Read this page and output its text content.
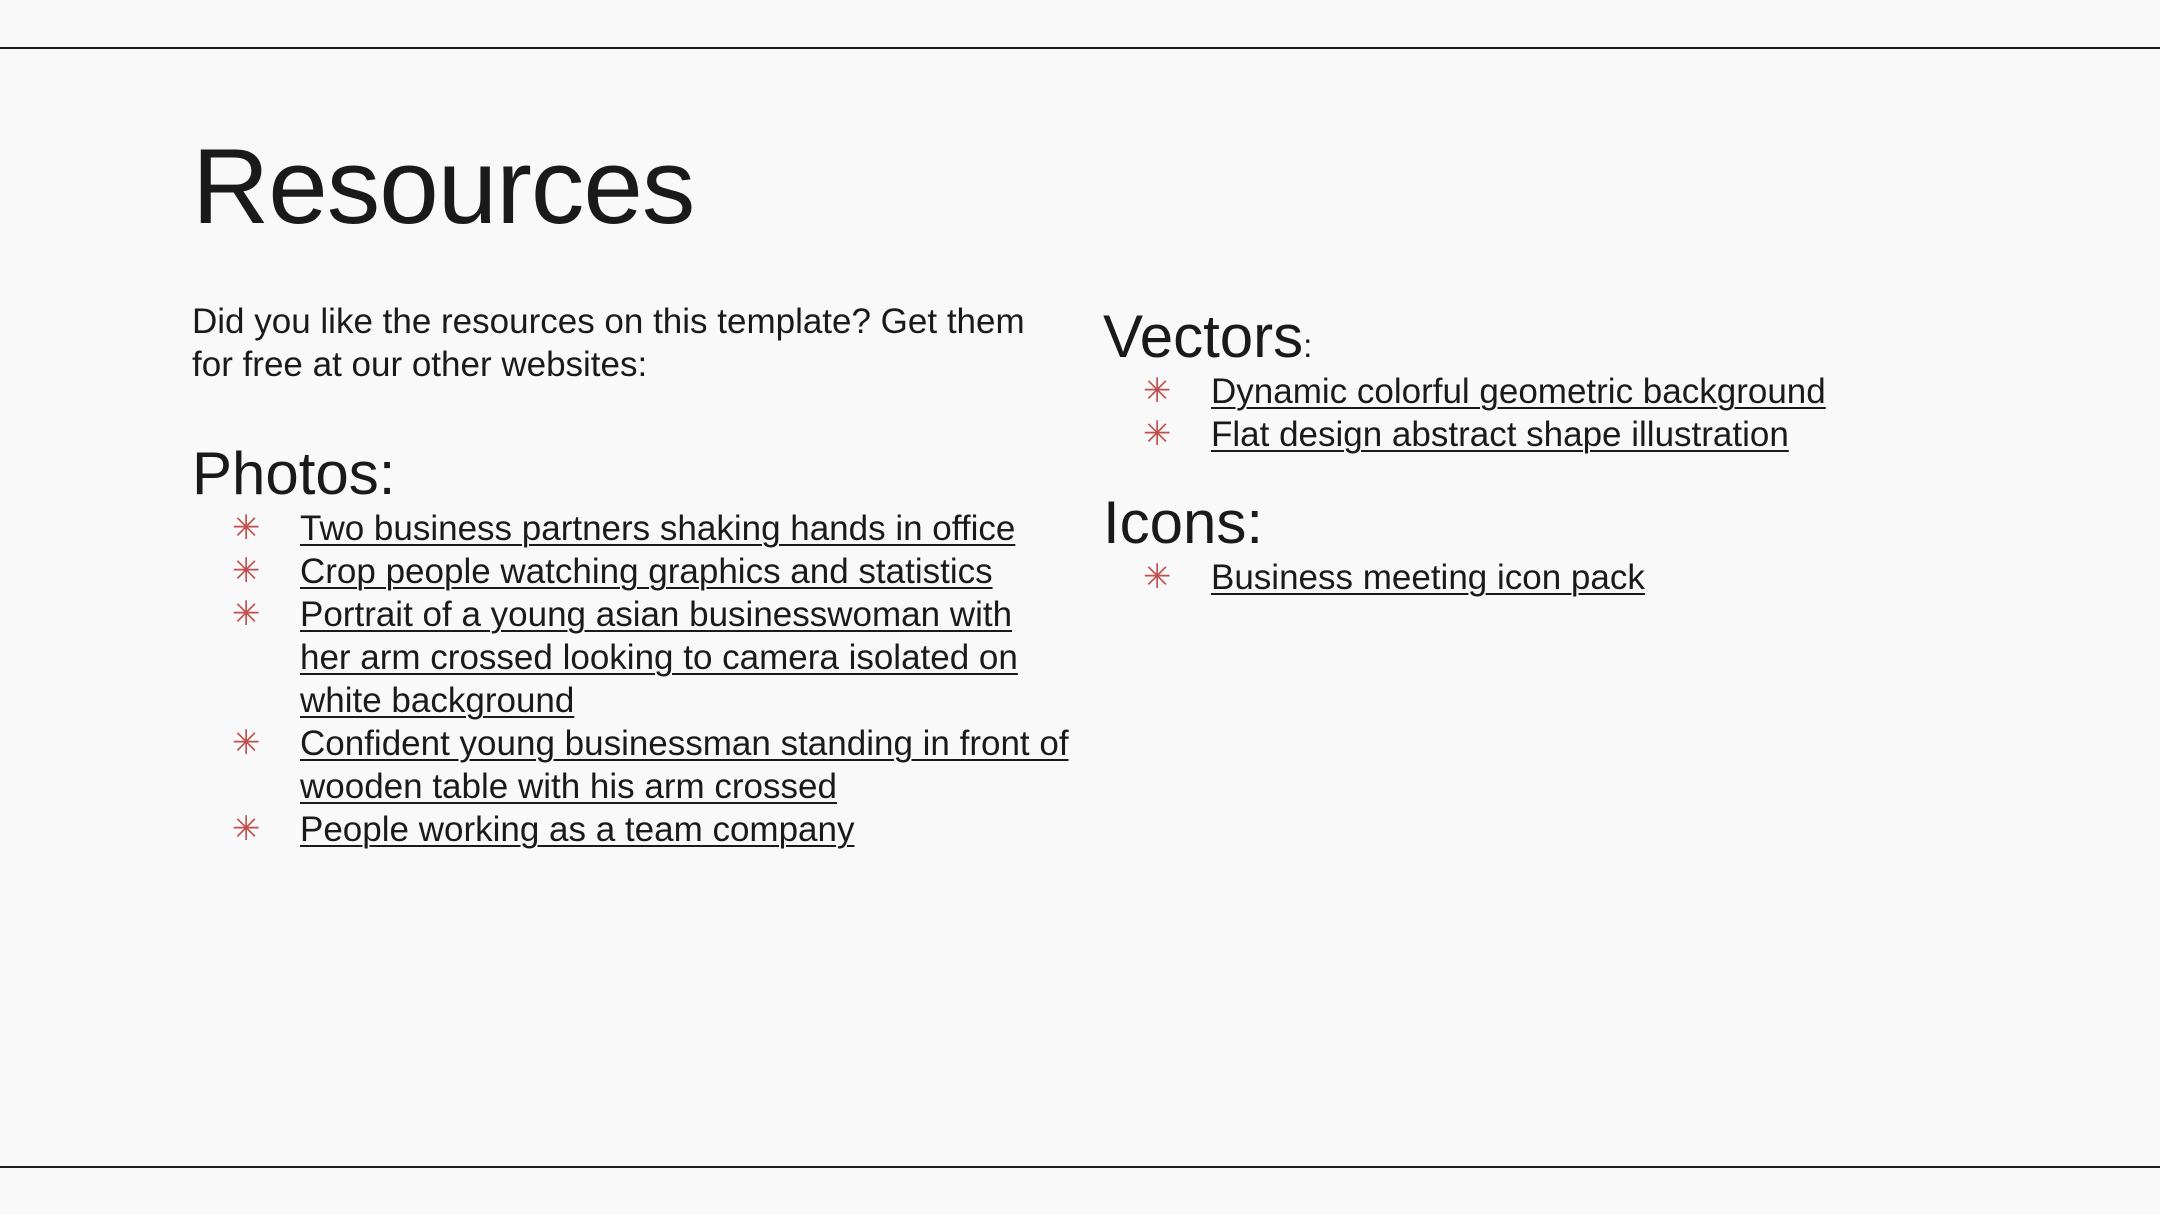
Resources

Did you like the resources on this template? Get them for free at our other websites:

Photos:
✳ Two business partners shaking hands in office
✳ Crop people watching graphics and statistics
✳ Portrait of a young asian businesswoman with her arm crossed looking to camera isolated on white background
✳ Confident young businessman standing in front of wooden table with his arm crossed
✳ People working as a team company
Vectors:
✳ Dynamic colorful geometric background
✳ Flat design abstract shape illustration
Icons:
✳ Business meeting icon pack
